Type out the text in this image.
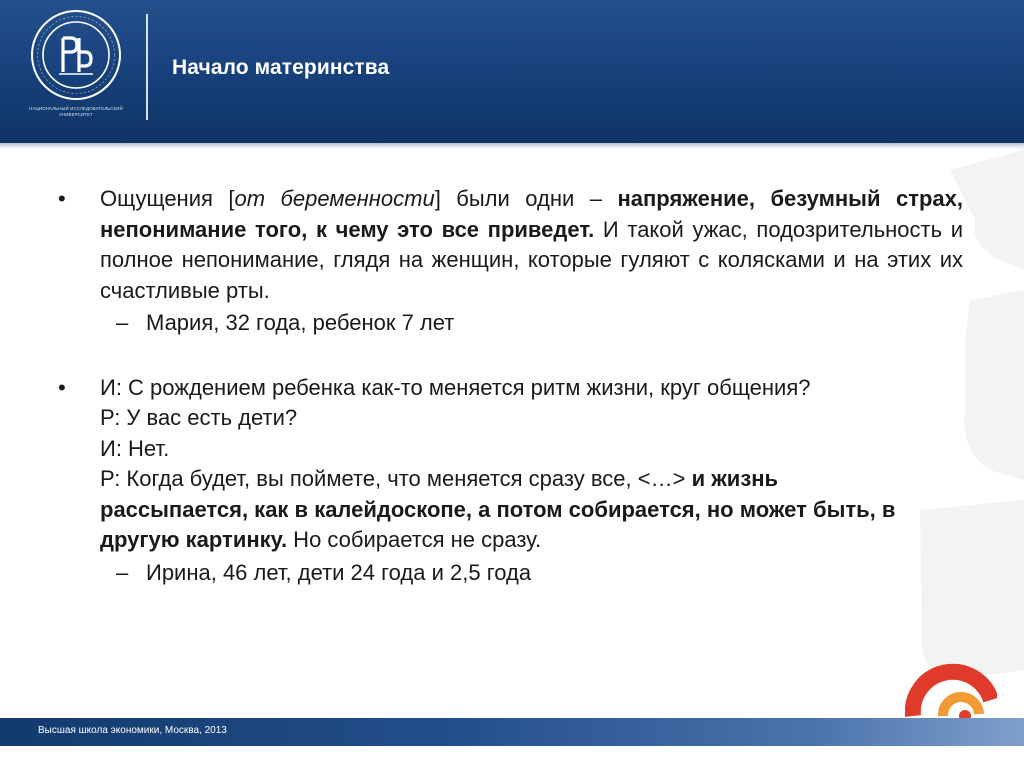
НАЦИОНАЛЬНЫЙ ИССЛЕДОВАТЕЛЬСКИЙ
УНИВЕРСИТЕТ
Начало материнства
•	Ощущения [от беременности] были одни – напряжение, безумный страх, непонимание того, к чему это все приведет. И такой ужас, подозрительность и полное непонимание, глядя на женщин, которые гуляют с колясками и на этих их счастливые рты.
– Мария, 32 года, ребенок 7 лет
•	И: С рождением ребенка как-то меняется ритм жизни, круг общения?
Р: У вас есть дети?
И: Нет.
Р: Когда будет, вы поймете, что меняется сразу все, <…> и жизнь рассыпается, как в калейдоскопе, а потом собирается, но может быть, в другую картинку. Но собирается не сразу.
– Ирина, 46 лет, дети 24 года и 2,5 года
Высшая школа экономики, Москва, 2013
